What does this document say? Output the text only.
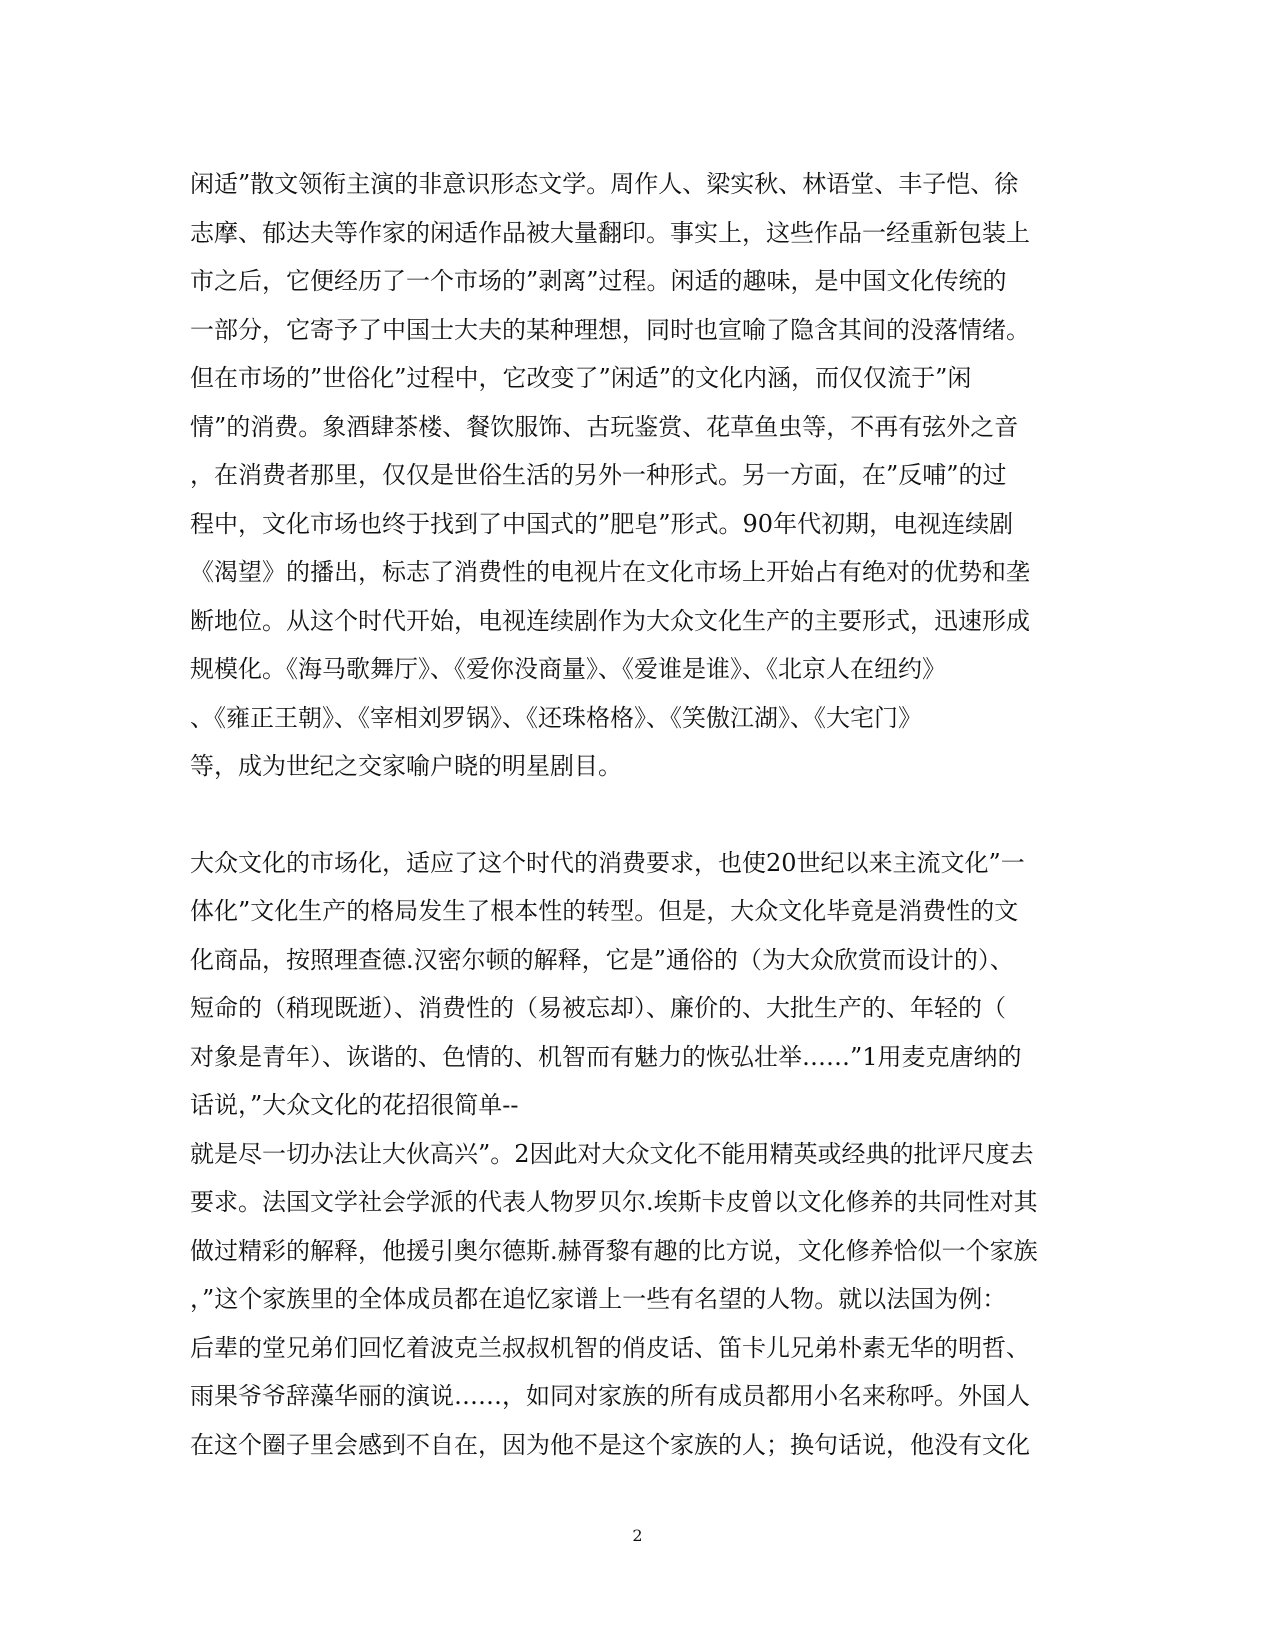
闲适”散文领衔主演的非意识形态文学。周作人、梁实秋、林语堂、丰子恺、徐
志摩、郁达夫等作家的闲适作品被大量翻印。事实上，这些作品一经重新包装上
市之后，它便经历了一个市场的”剥离”过程。闲适的趣味，是中国文化传统的
一部分，它寄予了中国士大夫的某种理想，同时也宣喻了隐含其间的没落情绪。
但在市场的”世俗化”过程中，它改变了”闲适”的文化内涵，而仅仅流于”闲
情”的消费。象酒肆茶楼、餐饮服饰、古玩鉴赏、花草鱼虫等，不再有弦外之音
，在消费者那里，仅仅是世俗生活的另外一种形式。另一方面，在”反哺”的过
程中，文化市场也终于找到了中国式的”肥皂”形式。90年代初期，电视连续剧
《渴望》的播出，标志了消费性的电视片在文化市场上开始占有绝对的优势和垄
断地位。从这个时代开始，电视连续剧作为大众文化生产的主要形式，迅速形成
规模化。《海马歌舞厅》、《爱你没商量》、《爱谁是谁》、《北京人在纽约》
、《雍正王朝》、《宰相刘罗锅》、《还珠格格》、《笑傲江湖》、《大宅门》
等，成为世纪之交家喻户晓的明星剧目。
大众文化的市场化，适应了这个时代的消费要求，也使20世纪以来主流文化”一
体化”文化生产的格局发生了根本性的转型。但是，大众文化毕竟是消费性的文
化商品，按照理查德.汉密尔顿的解释，它是”通俗的（为大众欣赏而设计的）、
短命的（稍现既逝）、消费性的（易被忘却）、廉价的、大批生产的、年轻的（
对象是青年）、诙谐的、色情的、机智而有魅力的恢弘壮举……”1用麦克唐纳的
话说，”大众文化的花招很简单--
就是尽一切办法让大伙高兴”。2因此对大众文化不能用精英或经典的批评尺度去
要求。法国文学社会学派的代表人物罗贝尔.埃斯卡皮曾以文化修养的共同性对其
做过精彩的解释，他援引奥尔德斯.赫胥黎有趣的比方说，文化修养恰似一个家族
，”这个家族里的全体成员都在追忆家谱上一些有名望的人物。就以法国为例：
后辈的堂兄弟们回忆着波克兰叔叔机智的俏皮话、笛卡儿兄弟朴素无华的明哲、
雨果爷爷辞藻华丽的演说……，如同对家族的所有成员都用小名来称呼。外国人
在这个圈子里会感到不自在，因为他不是这个家族的人；换句话说，他没有文化
2
